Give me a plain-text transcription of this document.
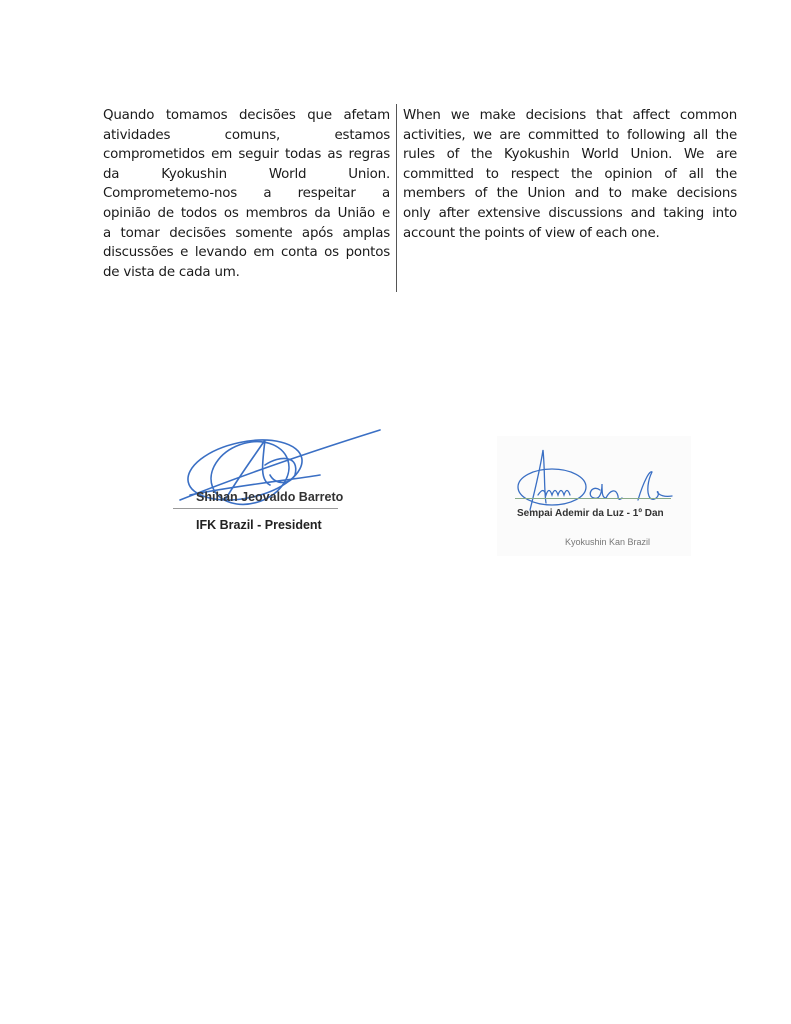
Quando tomamos decisões que afetam
atividades comuns, estamos
comprometidos em seguir todas as regras
da Kyokushin World Union.
Comprometemo-nos a respeitar a
opinião de todos os membros da União e
a tomar decisões somente após amplas
discussões e levando em conta os pontos
de vista de cada um.
When we make decisions that affect common
activities, we are committed to following all the
rules of the Kyokushin World Union. We are
committed to respect the opinion of all the
members of the Union and to make decisions
only after extensive discussions and taking into
account the points of view of each one.
Shihan Jeovaldo Barreto
IFK Brazil - President
Sempai Ademir da Luz - 1º Dan
Kyokushin Kan Brazil
